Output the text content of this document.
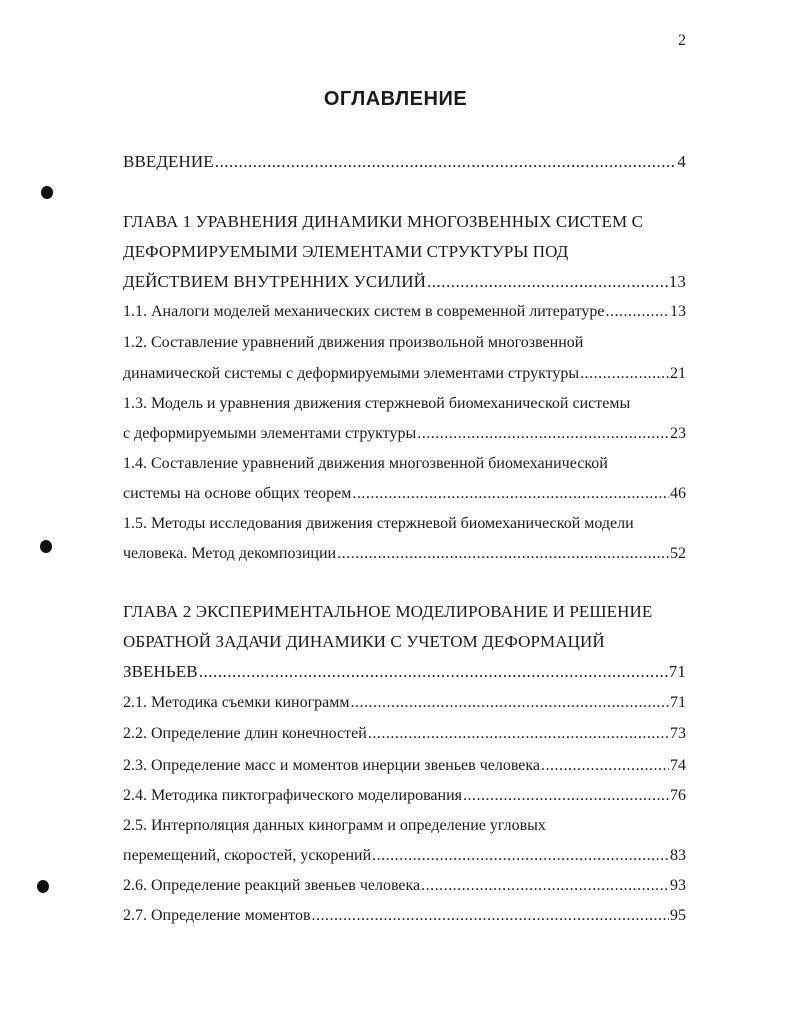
2
ОГЛАВЛЕНИЕ
ВВЕДЕНИЕ .....	4
ГЛАВА 1 УРАВНЕНИЯ ДИНАМИКИ МНОГОЗВЕННЫХ СИСТЕМ С
ДЕФОРМИРУЕМЫМИ ЭЛЕМЕНТАМИ СТРУКТУРЫ ПОД
ДЕЙСТВИЕМ ВНУТРЕННИХ УСИЛИЙ .....	13
1.1. Аналоги моделей механических систем в современной литературе .....	13
1.2. Составление уравнений движения произвольной многозвенной
динамической системы с деформируемыми элементами структуры .....	21
1.3. Модель и уравнения движения стержневой биомеханической системы
с деформируемыми элементами структуры .....	23
1.4. Составление уравнений движения многозвенной биомеханической
системы на основе общих теорем .....	46
1.5. Методы исследования движения стержневой биомеханической модели
человека. Метод декомпозиции .....	52
ГЛАВА 2 ЭКСПЕРИМЕНТАЛЬНОЕ МОДЕЛИРОВАНИЕ И РЕШЕНИЕ
ОБРАТНОЙ ЗАДАЧИ ДИНАМИКИ С УЧЕТОМ ДЕФОРМАЦИЙ
ЗВЕНЬЕВ .....	71
2.1. Методика съемки кинограмм .....	71
2.2. Определение длин конечностей .....	73
2.3. Определение масс и моментов инерции звеньев человека .....	74
2.4. Методика пиктографического моделирования .....	76
2.5. Интерполяция данных кинограмм и определение угловых
перемещений, скоростей, ускорений .....	83
2.6. Определение реакций звеньев человека .....	93
2.7. Определение моментов .....	95
